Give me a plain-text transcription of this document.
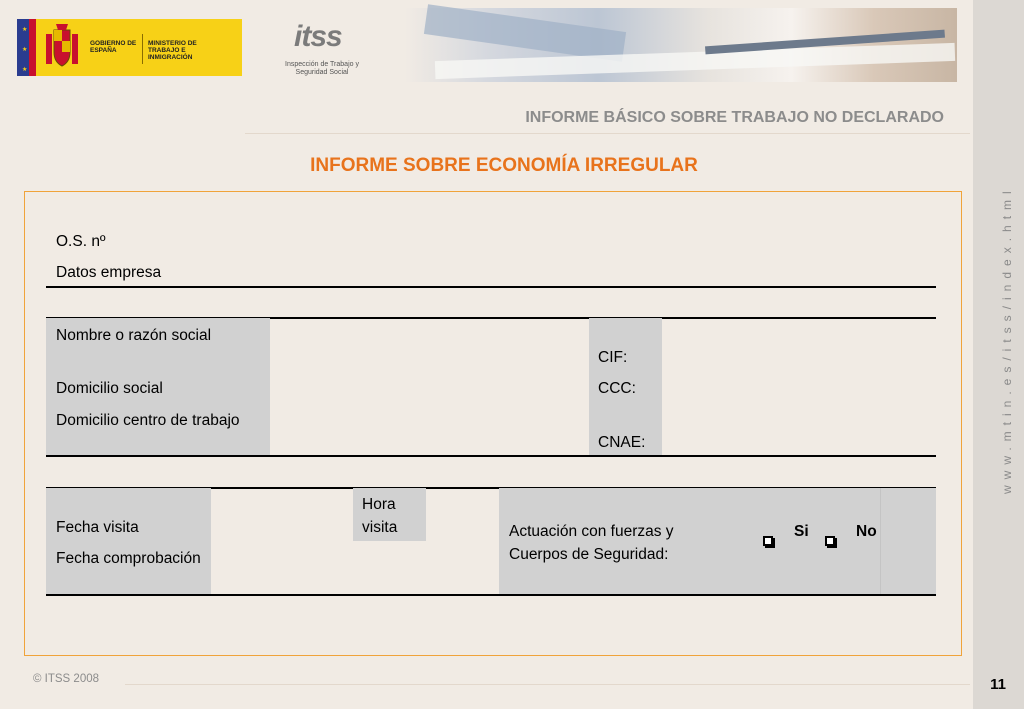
www.mtin.es/itss/index.html
11
★
★
★
GOBIERNO DE ESPAÑA
MINISTERIO DE TRABAJO E INMIGRACIÓN
itss
Inspección de Trabajo y Seguridad Social
INFORME BÁSICO SOBRE TRABAJO NO DECLARADO
INFORME SOBRE ECONOMÍA IRREGULAR
O.S. nº
Datos empresa
Nombre o razón social
Domicilio social
Domicilio centro de trabajo
CIF:
CCC:
CNAE:
Fecha visita
Fecha comprobación
Hora visita	Actuación con fuerzas y Cuerpos de Seguridad:
Si	No
© ITSS 2008
